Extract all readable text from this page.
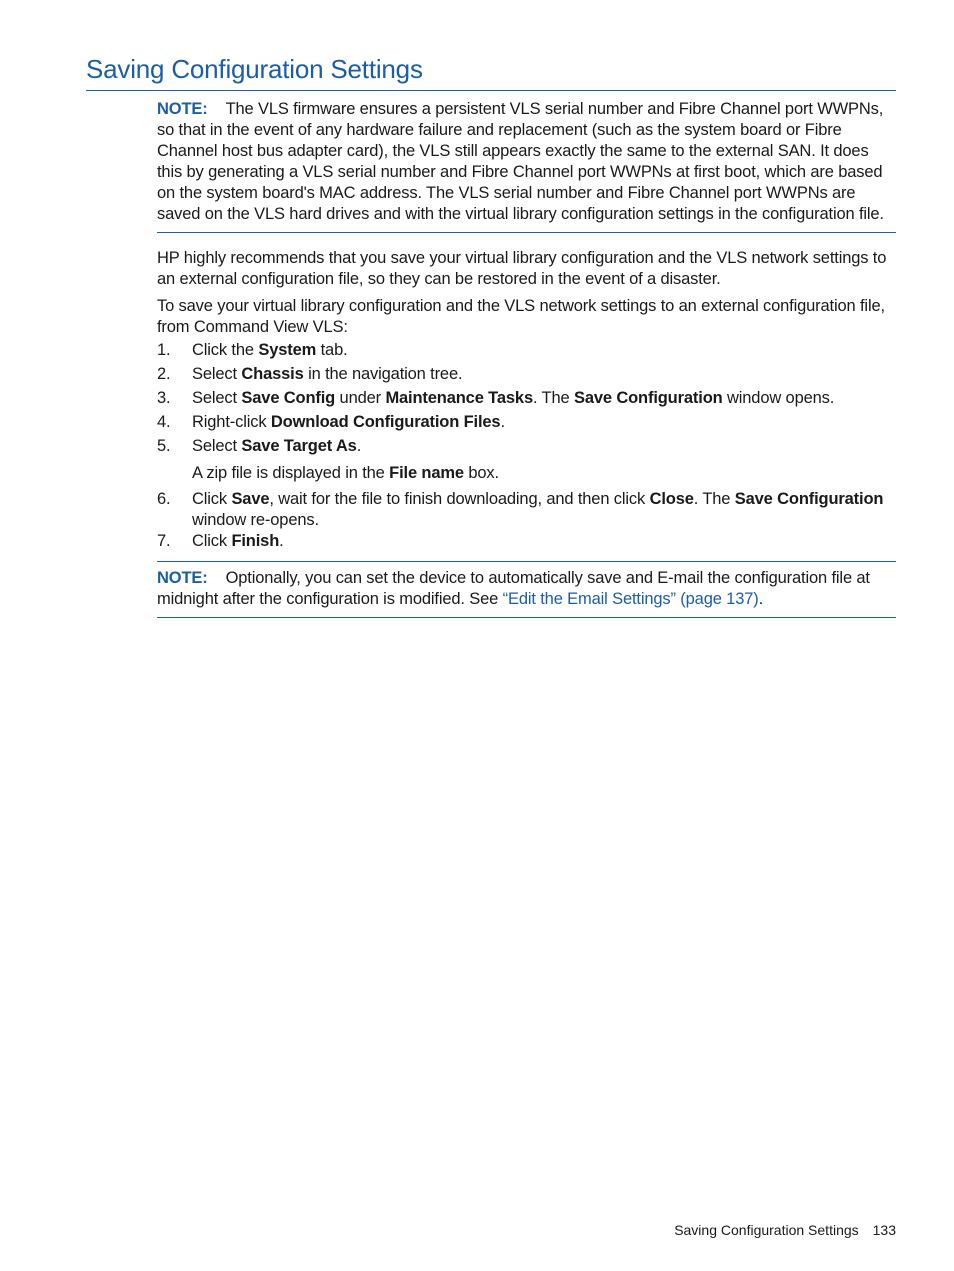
Saving Configuration Settings
NOTE: The VLS firmware ensures a persistent VLS serial number and Fibre Channel port WWPNs, so that in the event of any hardware failure and replacement (such as the system board or Fibre Channel host bus adapter card), the VLS still appears exactly the same to the external SAN. It does this by generating a VLS serial number and Fibre Channel port WWPNs at first boot, which are based on the system board's MAC address. The VLS serial number and Fibre Channel port WWPNs are saved on the VLS hard drives and with the virtual library configuration settings in the configuration file.

HP highly recommends that you save your virtual library configuration and the VLS network settings to an external configuration file, so they can be restored in the event of a disaster.

To save your virtual library configuration and the VLS network settings to an external configuration file, from Command View VLS:

1. Click the System tab.
2. Select Chassis in the navigation tree.
3. Select Save Config under Maintenance Tasks. The Save Configuration window opens.
4. Right-click Download Configuration Files.
5. Select Save Target As.
A zip file is displayed in the File name box.
6. Click Save, wait for the file to finish downloading, and then click Close. The Save Configuration window re-opens.
7. Click Finish.
NOTE: Optionally, you can set the device to automatically save and E-mail the configuration file at midnight after the configuration is modified. See “Edit the Email Settings” (page 137).
Saving Configuration Settings 133
